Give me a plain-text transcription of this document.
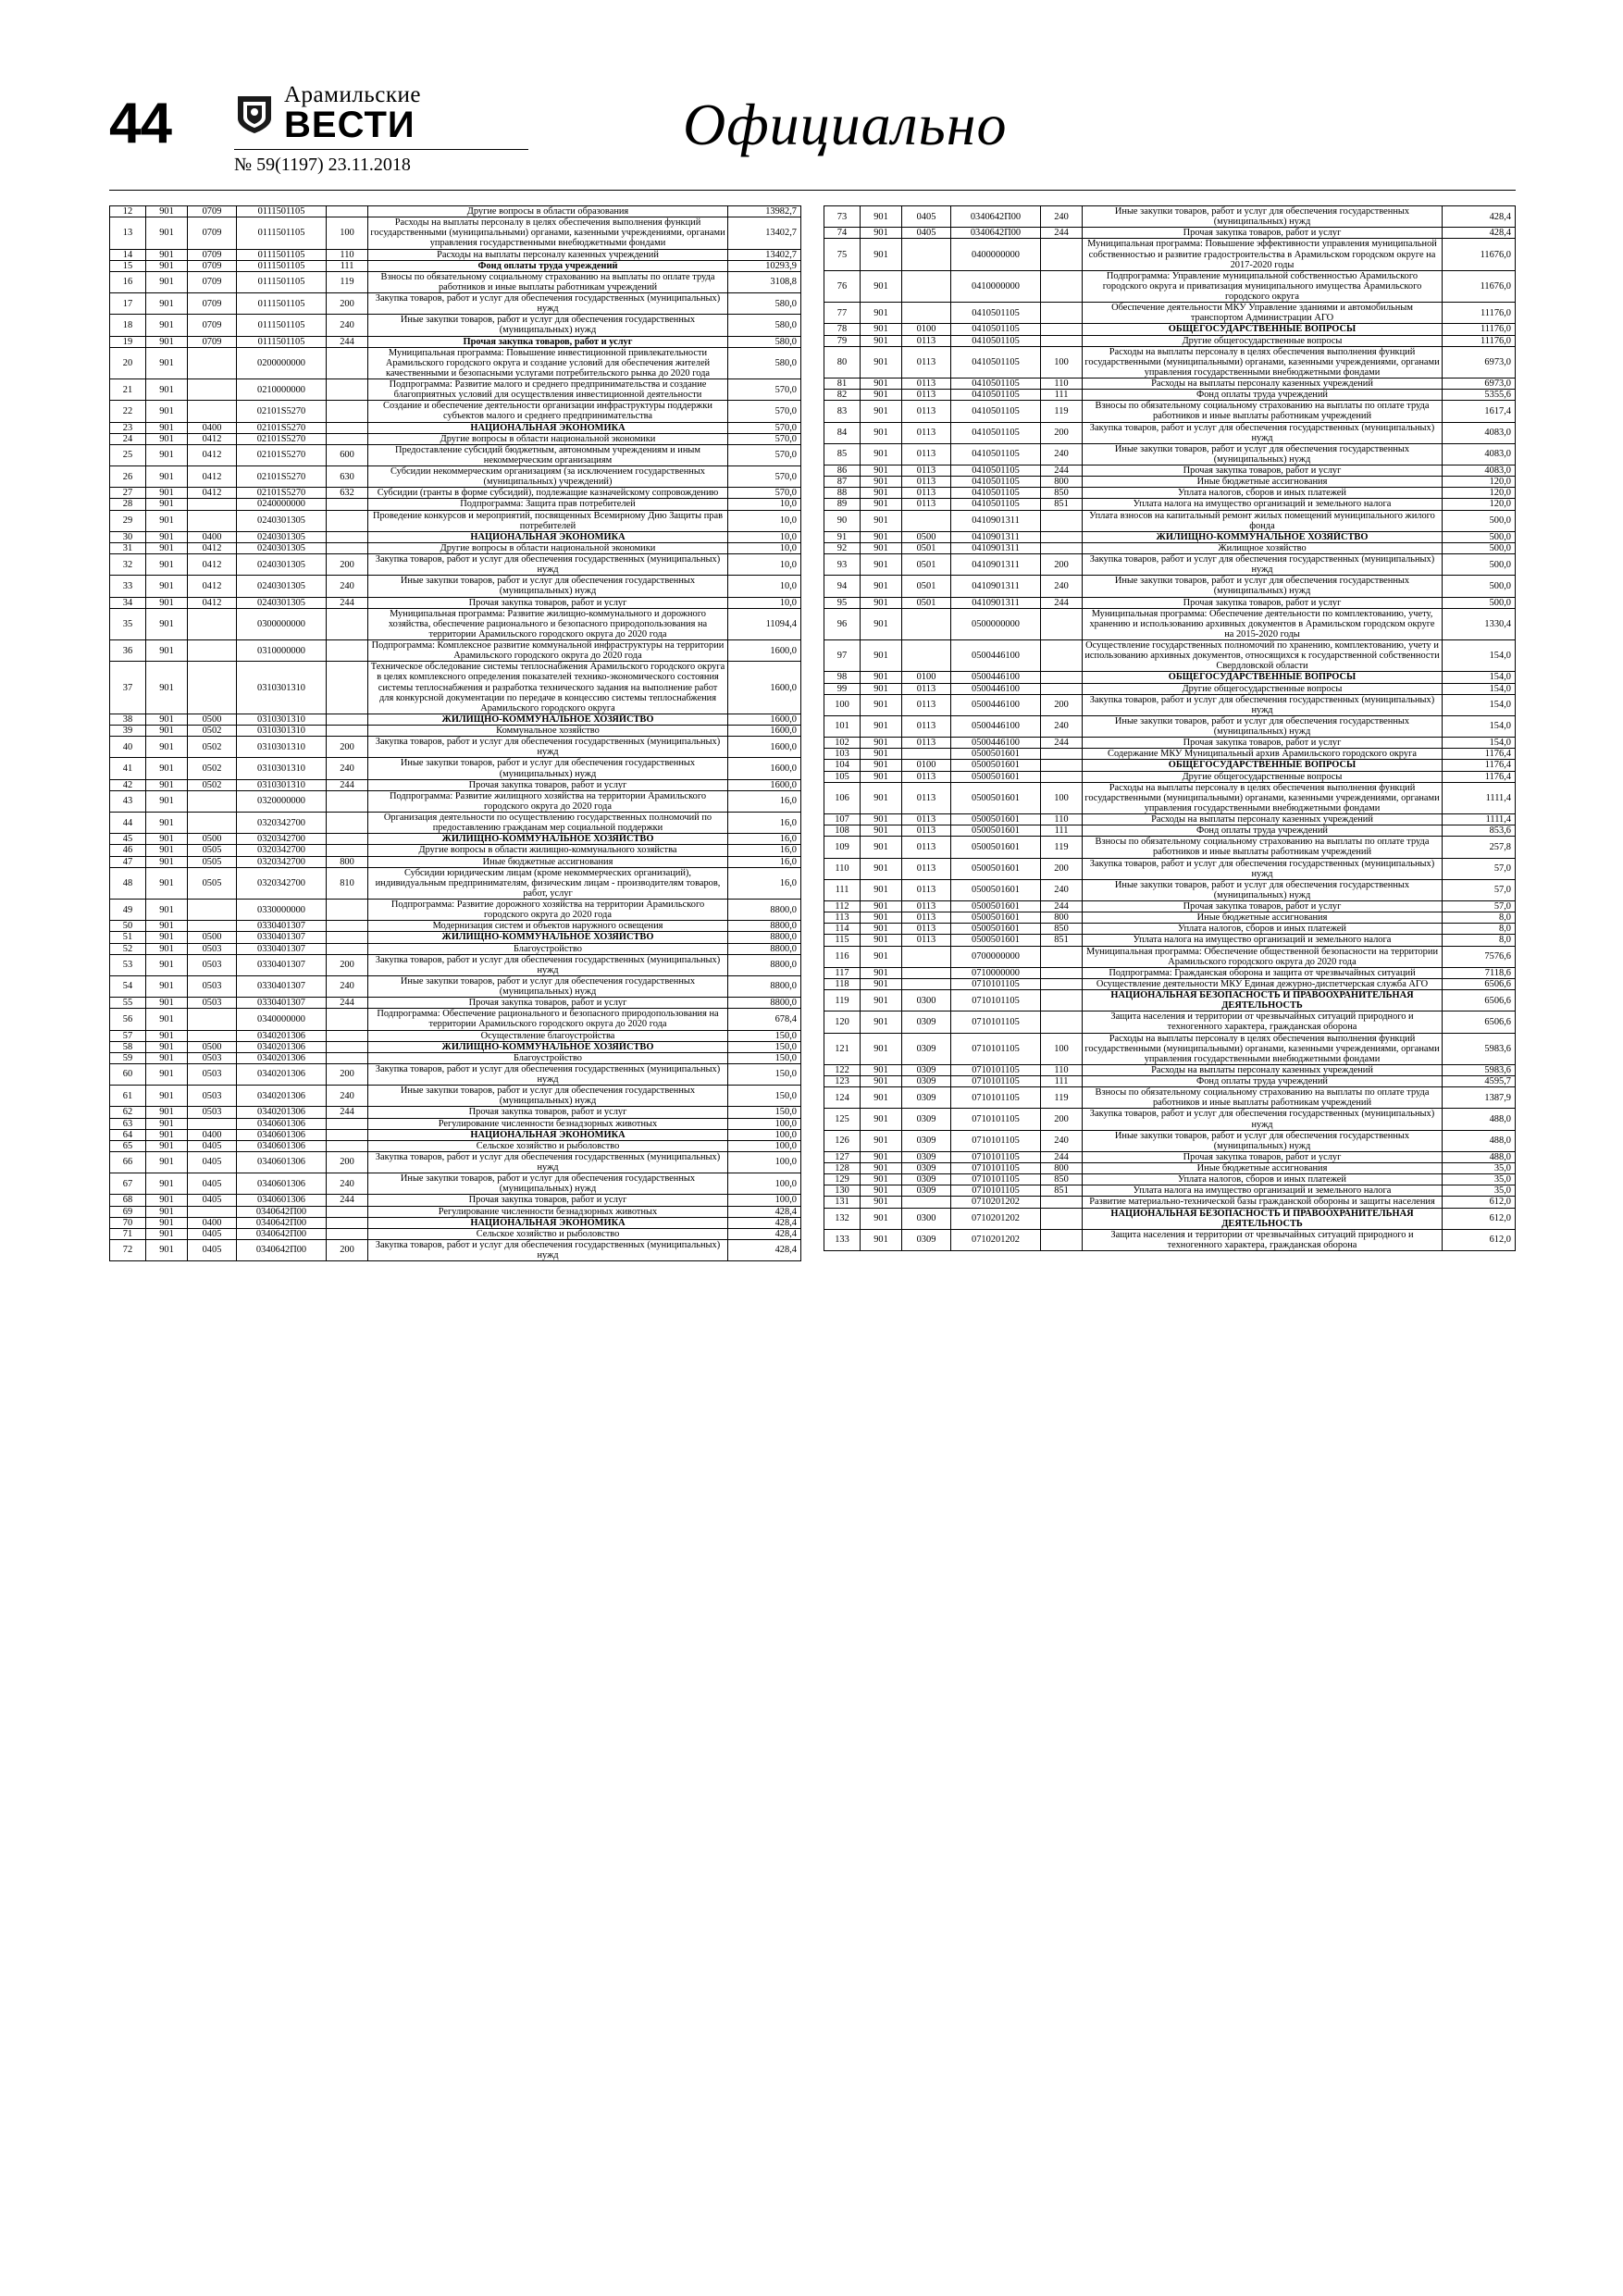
44	Арамильские
ВЕСТИ
№ 59(1197) 23.11.2018
Официально
12	901	0709	0111501105		Другие вопросы в области образования	13982,7
13	901	0709	0111501105	100	Расходы на выплаты персоналу в целях обеспечения выполнения функций государственными (муниципальными) органами, казенными учреждениями, органами управления государственными внебюджетными фондами	13402,7
14	901	0709	0111501105	110	Расходы на выплаты персоналу казенных учреждений	13402,7
15	901	0709	0111501105	111	Фонд оплаты труда учреждений	10293,9
16	901	0709	0111501105	119	Взносы по обязательному социальному страхованию на выплаты по оплате труда работников и иные выплаты работникам учреждений	3108,8
17	901	0709	0111501105	200	Закупка товаров, работ и услуг для обеспечения государственных (муниципальных) нужд	580,0
18	901	0709	0111501105	240	Иные закупки товаров, работ и услуг для обеспечения государственных (муниципальных) нужд	580,0
19	901	0709	0111501105	244	Прочая закупка товаров, работ и услуг	580,0
20	901		0200000000		Муниципальная программа: Повышение инвестиционной привлекательности Арамильского городского округа и создание условий для обеспечения жителей качественными и безопасными услугами потребительского рынка до 2020 года	580,0
21	901		0210000000		Подпрограмма: Развитие малого и среднего предпринимательства и создание благоприятных условий для осуществления инвестиционной деятельности	570,0
22	901		02101S5270		Создание и обеспечение деятельности организации инфраструктуры поддержки субъектов малого и среднего предпринимательства	570,0
23	901	0400	02101S5270		НАЦИОНАЛЬНАЯ ЭКОНОМИКА	570,0
24	901	0412	02101S5270		Другие вопросы в области национальной экономики	570,0
25	901	0412	02101S5270	600	Предоставление субсидий бюджетным, автономным учреждениям и иным некоммерческим организациям	570,0
26	901	0412	02101S5270	630	Субсидии некоммерческим организациям (за исключением государственных (муниципальных) учреждений)	570,0
27	901	0412	02101S5270	632	Субсидии (гранты в форме субсидий), подлежащие казначейскому сопровождению	570,0
28	901		0240000000		Подпрограмма: Защита прав потребителей	10,0
29	901		0240301305		Проведение конкурсов и мероприятий, посвященных Всемирному Дню Защиты прав потребителей	10,0
30	901	0400	0240301305		НАЦИОНАЛЬНАЯ ЭКОНОМИКА	10,0
31	901	0412	0240301305		Другие вопросы в области национальной экономики	10,0
32	901	0412	0240301305	200	Закупка товаров, работ и услуг для обеспечения государственных (муниципальных) нужд	10,0
33	901	0412	0240301305	240	Иные закупки товаров, работ и услуг для обеспечения государственных (муниципальных) нужд	10,0
34	901	0412	0240301305	244	Прочая закупка товаров, работ и услуг	10,0
35	901		0300000000		Муниципальная программа: Развитие жилищно-коммунального и дорожного хозяйства, обеспечение рационального и безопасного природопользования на территории Арамильского городского округа до 2020 года	11094,4
36	901		0310000000		Подпрограмма: Комплексное развитие коммунальной инфраструктуры на территории Арамильского городского округа до 2020 года	1600,0
37	901		0310301310		Техническое обследование системы теплоснабжения Арамильского городского округа в целях комплексного определения показателей технико-экономического состояния системы теплоснабжения и разработка технического задания на выполнение работ для конкурсной документации по передаче в концессию системы теплоснабжения Арамильского городского округа	1600,0
38	901	0500	0310301310		ЖИЛИЩНО-КОММУНАЛЬНОЕ ХОЗЯЙСТВО	1600,0
39	901	0502	0310301310		Коммунальное хозяйство	1600,0
40	901	0502	0310301310	200	Закупка товаров, работ и услуг для обеспечения государственных (муниципальных) нужд	1600,0
41	901	0502	0310301310	240	Иные закупки товаров, работ и услуг для обеспечения государственных (муниципальных) нужд	1600,0
42	901	0502	0310301310	244	Прочая закупка товаров, работ и услуг	1600,0
43	901		0320000000		Подпрограмма: Развитие жилищного хозяйства на территории Арамильского городского округа до 2020 года	16,0
44	901		0320342700		Организация деятельности по осуществлению государственных полномочий по предоставлению гражданам мер социальной поддержки	16,0
45	901	0500	0320342700		ЖИЛИЩНО-КОММУНАЛЬНОЕ ХОЗЯЙСТВО	16,0
46	901	0505	0320342700		Другие вопросы в области жилищно-коммунального хозяйства	16,0
47	901	0505	0320342700	800	Иные бюджетные ассигнования	16,0
48	901	0505	0320342700	810	Субсидии юридическим лицам (кроме некоммерческих организаций), индивидуальным предпринимателям, физическим лицам - производителям товаров, работ, услуг	16,0
49	901		0330000000		Подпрограмма: Развитие дорожного хозяйства на территории Арамильского городского округа до 2020 года	8800,0
50	901		0330401307		Модернизация систем и объектов наружного освещения	8800,0
51	901	0500	0330401307		ЖИЛИЩНО-КОММУНАЛЬНОЕ ХОЗЯЙСТВО	8800,0
52	901	0503	0330401307		Благоустройство	8800,0
53	901	0503	0330401307	200	Закупка товаров, работ и услуг для обеспечения государственных (муниципальных) нужд	8800,0
54	901	0503	0330401307	240	Иные закупки товаров, работ и услуг для обеспечения государственных (муниципальных) нужд	8800,0
55	901	0503	0330401307	244	Прочая закупка товаров, работ и услуг	8800,0
56	901		0340000000		Подпрограмма: Обеспечение рационального и безопасного природопользования на территории Арамильского городского округа до 2020 года	678,4
57	901		0340201306		Осуществление благоустройства	150,0
58	901	0500	0340201306		ЖИЛИЩНО-КОММУНАЛЬНОЕ ХОЗЯЙСТВО	150,0
59	901	0503	0340201306		Благоустройство	150,0
60	901	0503	0340201306	200	Закупка товаров, работ и услуг для обеспечения государственных (муниципальных) нужд	150,0
61	901	0503	0340201306	240	Иные закупки товаров, работ и услуг для обеспечения государственных (муниципальных) нужд	150,0
62	901	0503	0340201306	244	Прочая закупка товаров, работ и услуг	150,0
63	901		0340601306		Регулирование численности безнадзорных животных	100,0
64	901	0400	0340601306		НАЦИОНАЛЬНАЯ ЭКОНОМИКА	100,0
65	901	0405	0340601306		Сельское хозяйство и рыболовство	100,0
66	901	0405	0340601306	200	Закупка товаров, работ и услуг для обеспечения государственных (муниципальных) нужд	100,0
67	901	0405	0340601306	240	Иные закупки товаров, работ и услуг для обеспечения государственных (муниципальных) нужд	100,0
68	901	0405	0340601306	244	Прочая закупка товаров, работ и услуг	100,0
69	901		0340642П00		Регулирование численности безнадзорных животных	428,4
70	901	0400	0340642П00		НАЦИОНАЛЬНАЯ ЭКОНОМИКА	428,4
71	901	0405	0340642П00		Сельское хозяйство и рыболовство	428,4
72	901	0405	0340642П00	200	Закупка товаров, работ и услуг для обеспечения государственных (муниципальных) нужд	428,4
73	901	0405	0340642П00	240	Иные закупки товаров, работ и услуг для обеспечения государственных (муниципальных) нужд	428,4
74	901	0405	0340642П00	244	Прочая закупка товаров, работ и услуг	428,4
75	901		0400000000		Муниципальная программа: Повышение эффективности управления муниципальной собственностью и развитие градостроительства в Арамильском городском округе на 2017-2020 годы	11676,0
76	901		0410000000		Подпрограмма: Управление муниципальной собственностью Арамильского городского округа и приватизация муниципального имущества Арамильского городского округа	11676,0
77	901		0410501105		Обеспечение деятельности МКУ Управление зданиями и автомобильным транспортом Администрации АГО	11176,0
78	901	0100	0410501105		ОБЩЕГОСУДАРСТВЕННЫЕ ВОПРОСЫ	11176,0
79	901	0113	0410501105		Другие общегосударственные вопросы	11176,0
80	901	0113	0410501105	100	Расходы на выплаты персоналу в целях обеспечения выполнения функций государственными (муниципальными) органами, казенными учреждениями, органами управления государственными внебюджетными фондами	6973,0
81	901	0113	0410501105	110	Расходы на выплаты персоналу казенных учреждений	6973,0
82	901	0113	0410501105	111	Фонд оплаты труда учреждений	5355,6
83	901	0113	0410501105	119	Взносы по обязательному социальному страхованию на выплаты по оплате труда работников и иные выплаты работникам учреждений	1617,4
84	901	0113	0410501105	200	Закупка товаров, работ и услуг для обеспечения государственных (муниципальных) нужд	4083,0
85	901	0113	0410501105	240	Иные закупки товаров, работ и услуг для обеспечения государственных (муниципальных) нужд	4083,0
86	901	0113	0410501105	244	Прочая закупка товаров, работ и услуг	4083,0
87	901	0113	0410501105	800	Иные бюджетные ассигнования	120,0
88	901	0113	0410501105	850	Уплата налогов, сборов и иных платежей	120,0
89	901	0113	0410501105	851	Уплата налога на имущество организаций и земельного налога	120,0
90	901		0410901311		Уплата взносов на капитальный ремонт жилых помещений муниципального жилого фонда	500,0
91	901	0500	0410901311		ЖИЛИЩНО-КОММУНАЛЬНОЕ ХОЗЯЙСТВО	500,0
92	901	0501	0410901311		Жилищное хозяйство	500,0
93	901	0501	0410901311	200	Закупка товаров, работ и услуг для обеспечения государственных (муниципальных) нужд	500,0
94	901	0501	0410901311	240	Иные закупки товаров, работ и услуг для обеспечения государственных (муниципальных) нужд	500,0
95	901	0501	0410901311	244	Прочая закупка товаров, работ и услуг	500,0
96	901		0500000000		Муниципальная программа: Обеспечение деятельности по комплектованию, учету, хранению и использованию архивных документов в Арамильском городском округе на 2015-2020 годы	1330,4
97	901		0500446100		Осуществление государственных полномочий по хранению, комплектованию, учету и использованию архивных документов, относящихся к государственной собственности Свердловской области	154,0
98	901	0100	0500446100		ОБЩЕГОСУДАРСТВЕННЫЕ ВОПРОСЫ	154,0
99	901	0113	0500446100		Другие общегосударственные вопросы	154,0
100	901	0113	0500446100	200	Закупка товаров, работ и услуг для обеспечения государственных (муниципальных) нужд	154,0
101	901	0113	0500446100	240	Иные закупки товаров, работ и услуг для обеспечения государственных (муниципальных) нужд	154,0
102	901	0113	0500446100	244	Прочая закупка товаров, работ и услуг	154,0
103	901		0500501601		Содержание МКУ Муниципальный архив Арамильского городского округа	1176,4
104	901	0100	0500501601		ОБЩЕГОСУДАРСТВЕННЫЕ ВОПРОСЫ	1176,4
105	901	0113	0500501601		Другие общегосударственные вопросы	1176,4
106	901	0113	0500501601	100	Расходы на выплаты персоналу в целях обеспечения выполнения функций государственными (муниципальными) органами, казенными учреждениями, органами управления государственными внебюджетными фондами	1111,4
107	901	0113	0500501601	110	Расходы на выплаты персоналу казенных учреждений	1111,4
108	901	0113	0500501601	111	Фонд оплаты труда учреждений	853,6
109	901	0113	0500501601	119	Взносы по обязательному социальному страхованию на выплаты по оплате труда работников и иные выплаты работникам учреждений	257,8
110	901	0113	0500501601	200	Закупка товаров, работ и услуг для обеспечения государственных (муниципальных) нужд	57,0
111	901	0113	0500501601	240	Иные закупки товаров, работ и услуг для обеспечения государственных (муниципальных) нужд	57,0
112	901	0113	0500501601	244	Прочая закупка товаров, работ и услуг	57,0
113	901	0113	0500501601	800	Иные бюджетные ассигнования	8,0
114	901	0113	0500501601	850	Уплата налогов, сборов и иных платежей	8,0
115	901	0113	0500501601	851	Уплата налога на имущество организаций и земельного налога	8,0
116	901		0700000000		Муниципальная программа: Обеспечение общественной безопасности на территории Арамильского городского округа до 2020 года	7576,6
117	901		0710000000		Подпрограмма: Гражданская оборона и защита от чрезвычайных ситуаций	7118,6
118	901		0710101105		Осуществление деятельности МКУ Единая дежурно-диспетчерская служба АГО	6506,6
119	901	0300	0710101105		НАЦИОНАЛЬНАЯ БЕЗОПАСНОСТЬ И ПРАВООХРАНИТЕЛЬНАЯ ДЕЯТЕЛЬНОСТЬ	6506,6
120	901	0309	0710101105		Защита населения и территории от чрезвычайных ситуаций природного и техногенного характера, гражданская оборона	6506,6
121	901	0309	0710101105	100	Расходы на выплаты персоналу в целях обеспечения выполнения функций государственными (муниципальными) органами, казенными учреждениями, органами управления государственными внебюджетными фондами	5983,6
122	901	0309	0710101105	110	Расходы на выплаты персоналу казенных учреждений	5983,6
123	901	0309	0710101105	111	Фонд оплаты труда учреждений	4595,7
124	901	0309	0710101105	119	Взносы по обязательному социальному страхованию на выплаты по оплате труда работников и иные выплаты работникам учреждений	1387,9
125	901	0309	0710101105	200	Закупка товаров, работ и услуг для обеспечения государственных (муниципальных) нужд	488,0
126	901	0309	0710101105	240	Иные закупки товаров, работ и услуг для обеспечения государственных (муниципальных) нужд	488,0
127	901	0309	0710101105	244	Прочая закупка товаров, работ и услуг	488,0
128	901	0309	0710101105	800	Иные бюджетные ассигнования	35,0
129	901	0309	0710101105	850	Уплата налогов, сборов и иных платежей	35,0
130	901	0309	0710101105	851	Уплата налога на имущество организаций и земельного налога	35,0
131	901		0710201202		Развитие материально-технической базы гражданской обороны и защиты населения	612,0
132	901	0300	0710201202		НАЦИОНАЛЬНАЯ БЕЗОПАСНОСТЬ И ПРАВООХРАНИТЕЛЬНАЯ ДЕЯТЕЛЬНОСТЬ	612,0
133	901	0309	0710201202		Защита населения и территории от чрезвычайных ситуаций природного и техногенного характера, гражданская оборона	612,0
